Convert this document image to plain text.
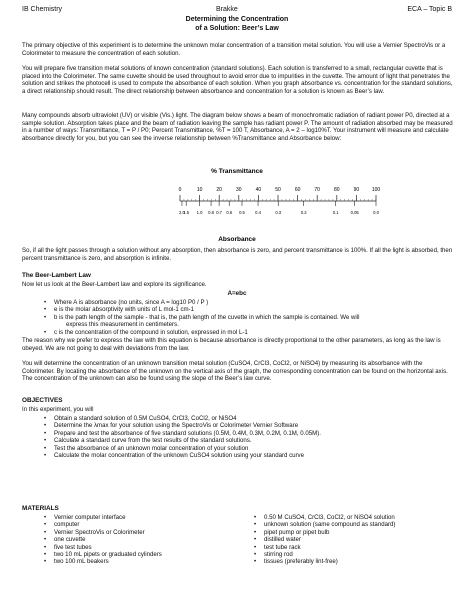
IB Chemistry	Brakke	ECA – Topic B
Determining the Concentration
of a Solution: Beer’s Law

The primary objective of this experiment is to determine the unknown molar concentration of a transition metal solution. You will use a Vernier SpectroVis or a Colorimeter to measure the concentration of each solution.

You will prepare five transition metal solutions of known concentration (standard solutions). Each solution is transferred to a small, rectangular cuvette that is placed into the Colorimeter. The same cuvette should be used throughout to avoid error due to impurities in the cuvette. The amount of light that penetrates the solution and strikes the photocell is used to compute the absorbance of each solution. When you graph absorbance vs. concentration for the standard solutions, a direct relationship should result. The direct relationship between absorbance and concentration for a solution is known as Beer’s law.

Many compounds absorb ultraviolet (UV) or visible (Vis.) light. The diagram below shows a beam of monochromatic radiation of radiant power P0, directed at a sample solution. Absorption takes place and the beam of radiation leaving the sample has radiant power P. The amount of radiation absorbed may be measured in a number of ways: Transmittance, T = P / P0; Percent Transmittance, %T = 100 T, Absorbance, A = 2 – log10%T. Your instrument will measure and calculate absorbance directly for you, but you can see the inverse relationship between %Transmittance and Absorbance below:

% Transmittance
0	10	20	30	40	50	60	70	80	90	100
2.0
1.5 1.0 0.8 0.7 0.6 0.5 0.4	0.3	0.2	0.1	0.05	0.0
Absorbance

So, if all the light passes through a solution without any absorption, then absorbance is zero, and percent transmittance is 100%. If all the light is absorbed, then percent transmittance is zero, and absorption is infinite.

The Beer-Lambert Law

Now let us look at the Beer-Lambert law and explore its significance.

A=ebc
• Where A is absorbance (no units, since A = log10 P0 / P )
• e is the molar absorptivity with units of L mol-1 cm-1
• b is the path length of the sample - that is, the path length of the cuvette in which the sample is contained. We will
express this measurement in centimeters.
• c is the concentration of the compound in solution, expressed in mol L-1

The reason why we prefer to express the law with this equation is because absorbance is directly proportional to the other parameters, as long as the law is obeyed. We are not going to deal with deviations from the law.

You will determine the concentration of an unknown transition metal solution (CuSO4, CrCl3, CoCl2, or NiSO4) by measuring its absorbance with the Colorimeter. By locating the absorbance of the unknown on the vertical axis of the graph, the corresponding concentration can be found on the horizontal axis. The concentration of the unknown can also be found using the slope of the Beer’s law curve.

OBJECTIVES

In this experiment, you will

• Obtain a standard solution of 0.5M CuSO4, CrCl3, CoCl2, or NiSO4
• Determine the λmax for your solution using the SpectroVis or Colorimeter Vernier Software
• Prepare and test the absorbance of five standard solutions (0.5M, 0.4M, 0.3M, 0.2M, 0.1M, 0.05M).
• Calculate a standard curve from the test results of the standard solutions.
• Test the absorbance of an unknown molar concentration of your solution
• Calculate the molar concentration of the unknown CuSO4 solution using your standard curve
MATERIALS
• Vernier computer interface
• computer
• Vernier SpectroVis or Colorimeter
• one cuvette
• five test tubes
• two 10 mL pipets or graduated cylinders
• two 100 mL beakers
• 0.50 M CuSO4, CrCl3, CoCl2, or NiSO4 solution
• unknown solution (same compound as standard)
• pipet pump or pipet bulb
• distilled water
• test tube rack
• stirring rod
• tissues (preferably lint-free)
